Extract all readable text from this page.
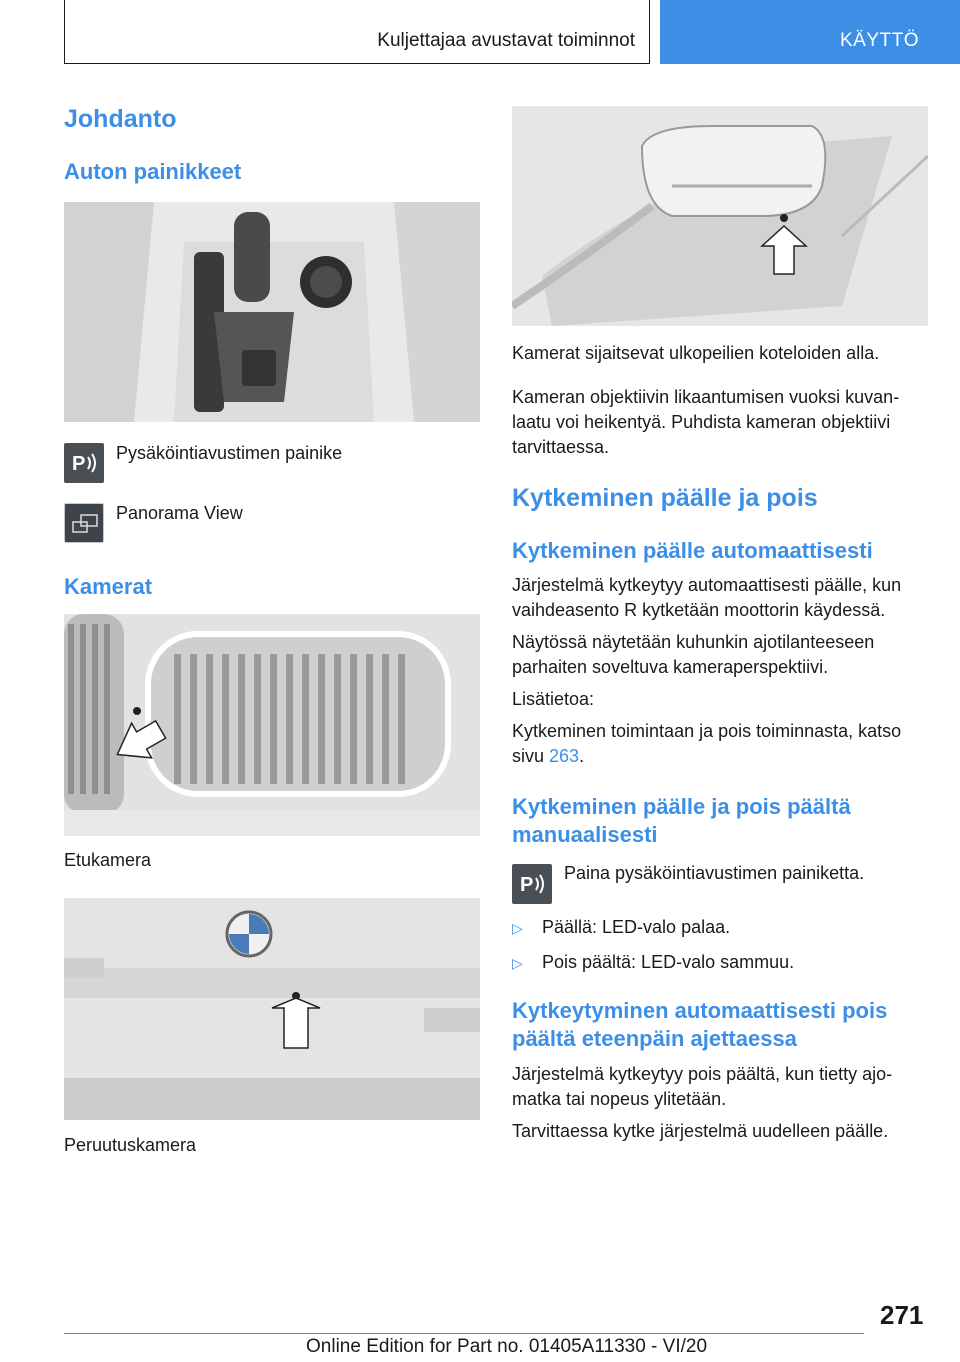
Kuljettajaa avustavat toiminnot	KÄYTTÖ
Johdanto
Auton painikkeet
P Pysäköintiavustimen painike

Panorama View

Kamerat

Etukamera

Peruutuskamera

Kamerat sijaitsevat ulkopeilien koteloiden alla.

Kameran objektiivin likaantumisen vuoksi kuvanlaatu voi heikentyä. Puhdista kameran objektiivi tarvittaessa.

Kytkeminen päälle ja pois
Kytkeminen päälle automaattisesti

Järjestelmä kytkeytyy automaattisesti päälle, kun vaihdeasento R kytketään moottorin käydessä.

Näytössä näytetään kuhunkin ajotilanteeseen parhaiten soveltuva kameraperspektiivi.

Lisätietoa:

Kytkeminen toimintaan ja pois toiminnasta, katso sivu 263.

Kytkeminen päälle ja pois päältä manuaalisesti
P

Paina pysäköintiavustimen painiketta.

▷ Päällä: LED-valo palaa.
▷ Pois päältä: LED-valo sammuu.
Kytkeytyminen automaattisesti pois päältä eteenpäin ajettaessa

Järjestelmä kytkeytyy pois päältä, kun tietty ajomatka tai nopeus ylitetään.

Tarvittaessa kytke järjestelmä uudelleen päälle.

271
Online Edition for Part no. 01405A11330 - VI/20
